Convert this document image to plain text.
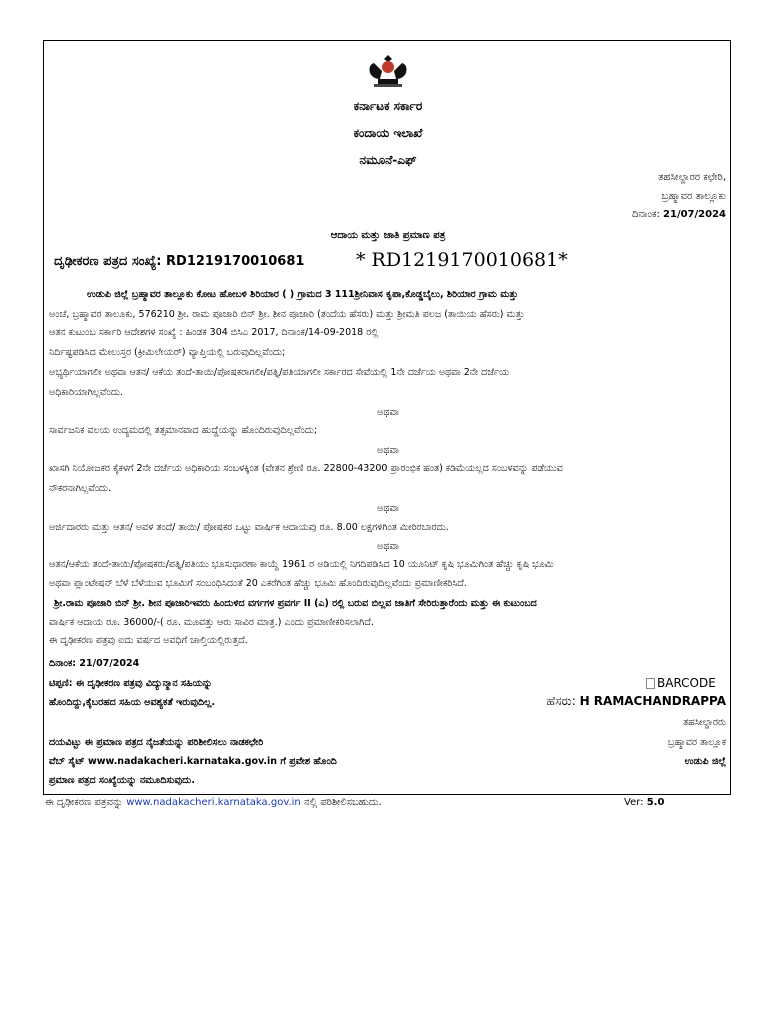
ಕರ್ನಾಟಕ ಸರ್ಕಾರ
ಕಂದಾಯ ಇಲಾಖೆ
ನಮೂನೆ-ಎಫ್
ತಹಸೀಲ್ದಾರರ ಕಛೇರಿ,
ಬ್ರಹ್ಮಾವರ ತಾಲ್ಲೂಕು
ದಿನಾಂಕ: 21/07/2024
ಆದಾಯ ಮತ್ತು ಜಾತಿ ಪ್ರಮಾಣ ಪತ್ರ
ದೃಢೀಕರಣ ಪತ್ರದ ಸಂಖ್ಯೆ: RD1219170010681	* RD1219170010681*
ಉಡುಪಿ ಜಿಲ್ಲೆ ಬ್ರಹ್ಮಾವರ ತಾಲ್ಲೂಕು ಕೋಟ ಹೋಬಳಿ ಶಿರಿಯಾರ ( ) ಗ್ರಾಮದ 3 111ಶ್ರೀನಿವಾಸ ಕೃಪಾ,ಕೊಡ್ಡಬೈಲು, ಶಿರಿಯಾರ ಗ್ರಾಮ ಮತ್ತು
ಅಂಚೆ, ಬ್ರಹ್ಮಾವರ ತಾಲೂಕು, 576210 ಶ್ರೀ. ರಾಮ ಪೂಜಾರಿ ಬಿನ್ ಶ್ರೀ. ಶೀನ ಪೂಜಾರಿ (ತಂದೆಯ ಹೆಸರು) ಮತ್ತು ಶ್ರೀಮತಿ ಪಲಜ (ತಾಯಿಯ ಹೆಸರು) ಮತ್ತು
ಆತನ ಕುಟುಂಬ ಸರ್ಕಾರಿ ಆದೇಶಗಳ ಸಂಖ್ಯೆ : ಹಿಂಡಕ 304 ಬಿಸಿಎ 2017, ದಿನಾಂಕ/14-09-2018 ರಲ್ಲಿ
ನಿರ್ದಿಷ್ಟಪಡಿಸಿದ ಮೇಲುಸ್ತರ (ಕ್ರೀಮಿಲೇಯರ್) ವ್ಯಾಪ್ತಿಯಲ್ಲಿ ಬರುವುದಿಲ್ಲವೆಂದು;
ಅಭ್ಯರ್ಥಿಯಾಗಲೀ ಅಥವಾ ಆತನ/ ಆಕೆಯ ತಂದೆ-ತಾಯಿ/ಪೋಷಕರಾಗಲೀ/ಪತ್ನಿ/ಪತಿಯಾಗಲೀ ಸರ್ಕಾರದ ಸೇವೆಯಲ್ಲಿ 1ನೇ ದರ್ಜೆಯ ಅಥವಾ 2ನೇ ದರ್ಜೆಯ
ಅಧಿಕಾರಿಯಾಗಿಲ್ಲವೆಂದು.
ಅಥವಾ
ಸಾರ್ವಜನಿಕ ವಲಯ ಉದ್ಯಮದಲ್ಲಿ ತತ್ಸಮಾನವಾದ ಹುದ್ದೆಯನ್ನು ಹೊಂದಿರುವುದಿಲ್ಲವೆಂದು;
ಅಥವಾ
ಖಾಸಗಿ ನಿಯೋಜಕರ ಕೈಕಳಗೆ 2ನೇ ದರ್ಜೆಯ ಅಧಿಕಾರಿಯ ಸಂಬಳಕ್ಕಿಂತ (ವೇತನ ಶ್ರೇಣಿ ರೂ. 22800-43200 ಪ್ರಾರಂಭಿಕ ಹಂತ) ಕಡಿಮೆಯಲ್ಲದ ಸಂಬಳವನ್ನು ಪಡೆಯುವ
ನೌಕರನಾಗಿಲ್ಲವೆಂದು.
ಅಥವಾ
ಅರ್ಜಿದಾರರು ಮತ್ತು ಆತನ/ ಅವಳ ತಂದೆ/ ತಾಯಿ/ ಪೋಷಕರ ಒಟ್ಟು ವಾರ್ಷಿಕ ಆದಾಯವು ರೂ. 8.00 ಲಕ್ಷಗಳಿಗಿಂತ ಮೀರಿರಬಾರದು.
ಅಥವಾ
ಆತನ/ಆಕೆಯ ತಂದೆ-ತಾಯಿ/ಪೋಷಕರು/ಪತ್ನಿ/ಪತಿಯು ಭೂಸುಧಾರಣಾ ಕಾಯ್ದೆ 1961 ರ ಅಡಿಯಲ್ಲಿ ನಿಗದಿಪಡಿಸಿದ 10 ಯೂನಿಟ್ ಕೃಷಿ ಭೂಮಿಗಿಂತ ಹೆಚ್ಚು ಕೃಷಿ ಭೂಮಿ
ಅಥವಾ ಪ್ಲಾಂಟೇಷನ್ ಬೆಳೆ ಬೆಳೆಯುವ ಭೂಮಿಗೆ ಸಂಬಂಧಿಸಿದಂತೆ 20 ಎಕರೆಗಿಂತ ಹೆಚ್ಚು ಭೂಮಿ ಹೊಂದಿರುವುದಿಲ್ಲವೆಂದು ಪ್ರಮಾಣೀಕರಿಸಿದೆ.
ಶ್ರೀ.ರಾಮ ಪೂಜಾರಿ ಬಿನ್ ಶ್ರೀ. ಶೀನ ಪೂಜಾರಿಇವರು ಹಿಂದುಳಿದ ವರ್ಗಗಳ ಪ್ರವರ್ಗ II (ಎ) ರಲ್ಲಿ ಬರುವ ಬಿಲ್ಲವ ಜಾತಿಗೆ ಸೇರಿರುತ್ತಾರೆಂದು ಮತ್ತು ಈ ಕುಟುಂಬದ
ವಾರ್ಷಿಕ ಆದಾಯ ರೂ. 36000/-( ರೂ. ಮೂವತ್ತು ಆರು ಸಾವಿರ ಮಾತ್ರ.) ಎಂದು ಪ್ರಮಾಣೀಕರಿಸಲಾಗಿದೆ.
ಈ ದೃಢೀಕರಣ ಪತ್ರವು ಐದು ವರ್ಷದ ಅವಧಿಗೆ ಚಾಲ್ತಿಯಲ್ಲಿರುತ್ತದೆ.
ದಿನಾಂಕ: 21/07/2024
ಟಿಪ್ಪಣಿ: ಈ ದೃಢೀಕರಣ ಪತ್ರವು ವಿದ್ಯುನ್ಮಾನ ಸಹಿಯನ್ನು
ಹೊಂದಿದ್ದು,ಕೈಬರಹದ ಸಹಿಯ ಅವಶ್ಯಕತೆ ಇರುವುದಿಲ್ಲ.
BARCODE
ಹೆಸರು: H RAMACHANDRAPPA
ತಹಸೀಲ್ದಾರರು
ಬ್ರಹ್ಮಾವರ ತಾಲ್ಲೂಕ
ಉಡುಪಿ ಜಿಲ್ಲೆ
ದಯವಿಟ್ಟು ಈ ಪ್ರಮಾಣ ಪತ್ರದ ನೈಜತೆಯನ್ನು ಪರಿಶೀಲಿಸಲು ನಾಡಕಛೇರಿ
ವೆಬ್ ಸೈಟ್ www.nadakacheri.karnataka.gov.in ಗೆ ಪ್ರವೇಶ ಹೊಂದಿ
ಪ್ರಮಾಣ ಪತ್ರದ ಸಂಖ್ಯೆಯನ್ನು ನಮೂದಿಸುವುದು.
ಈ ದೃಢೀಕರಣ ಪತ್ರವನ್ನು www.nadakacheri.karnataka.gov.in ನಲ್ಲಿ ಪರಿಶೀಲಿಸಬಹುದು.	Ver: 5.0
